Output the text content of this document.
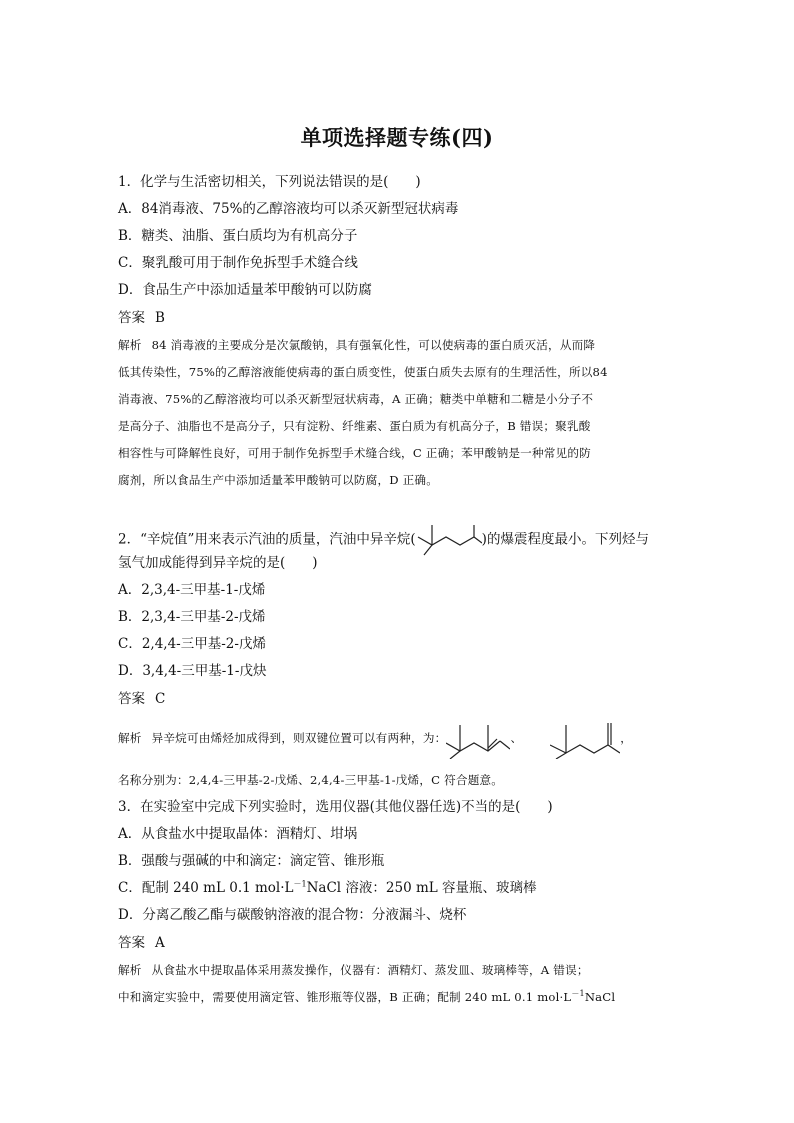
单项选择题专练(四)
1．化学与生活密切相关，下列说法错误的是(　　)
A．84消毒液、75%的乙醇溶液均可以杀灭新型冠状病毒
B．糖类、油脂、蛋白质均为有机高分子
C．聚乳酸可用于制作免拆型手术缝合线
D．食品生产中添加适量苯甲酸钠可以防腐
答案 B
解析 84 消毒液的主要成分是次氯酸钠，具有强氧化性，可以使病毒的蛋白质灭活，从而降
低其传染性，75%的乙醇溶液能使病毒的蛋白质变性，使蛋白质失去原有的生理活性，所以84
消毒液、75%的乙醇溶液均可以杀灭新型冠状病毒，A 正确；糖类中单糖和二糖是小分子不
是高分子、油脂也不是高分子，只有淀粉、纤维素、蛋白质为有机高分子，B 错误；聚乳酸
相容性与可降解性良好，可用于制作免拆型手术缝合线，C 正确；苯甲酸钠是一种常见的防
腐剂，所以食品生产中添加适量苯甲酸钠可以防腐，D 正确。
2．“辛烷值”用来表示汽油的质量，汽油中异辛烷(	)的爆震程度最小。下列烃与
氢气加成能得到异辛烷的是(　　)
A．2,3,4-三甲基-1-戊烯
B．2,3,4-三甲基-2-戊烯
C．2,4,4-三甲基-2-戊烯
D．3,4,4-三甲基-1-戊炔
答案 C
解析 异辛烷可由烯烃加成得到，则双键位置可以有两种，为：	、	，
名称分别为：2,4,4-三甲基-2-戊烯、2,4,4-三甲基-1-戊烯，C 符合题意。
3．在实验室中完成下列实验时，选用仪器(其他仪器任选)不当的是(　　)
A．从食盐水中提取晶体：酒精灯、坩埚
B．强酸与强碱的中和滴定：滴定管、锥形瓶
C．配制 240 mL 0.1 $mol\cdot L^{-1}NaCl$ 溶液：250 mL 容量瓶、玻璃棒
D．分离乙酸乙酯与碳酸钠溶液的混合物：分液漏斗、烧杯
答案 A
解析 从食盐水中提取晶体采用蒸发操作，仪器有：酒精灯、蒸发皿、玻璃棒等，A 错误；
中和滴定实验中，需要使用滴定管、锥形瓶等仪器，B 正确；配制 240 mL 0.1 $mol\cdot L^{-1}NaCl$
